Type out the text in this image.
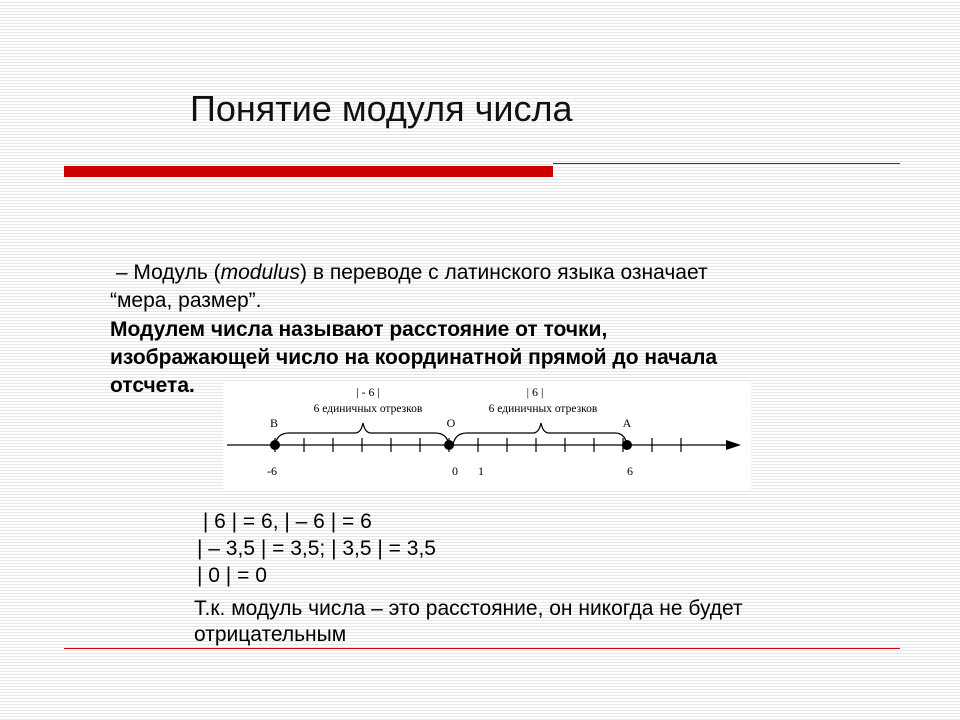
Понятие модуля числа
– Модуль (modulus) в переводе с латинского языка означает
“мера, размер”.
Модулем числа называют расстояние от точки,
изображающей число на координатной прямой до начала
отсчета.	| - 6 |	| 6 |
6 единичных отрезков	6 единичных отрезков
В	О	А
-6	0 1	6
| 6 | = 6, | – 6 | = 6
| – 3,5 | = 3,5; | 3,5 | = 3,5
| 0 | = 0
Т.к. модуль числа – это расстояние, он никогда не будет
отрицательным
